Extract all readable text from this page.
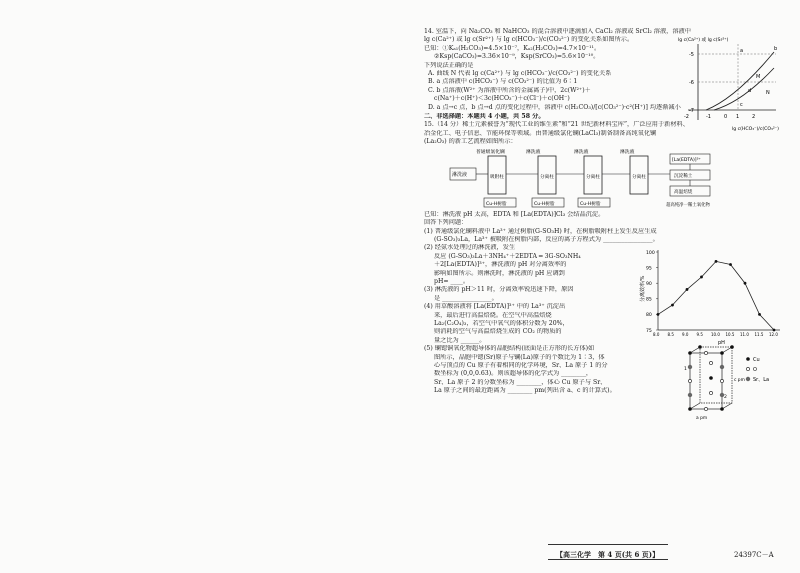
lg c(Ca²⁺) 或 lg c(Sr²⁺)
lg c(HCO₃⁻)/c(CO₃²⁻)
-5
-6
-7
-2	-1	0 1	2
a	b
c
d
M
N
14. 室温下，向 Na₂CO₃ 和 NaHCO₃ 的混合溶液中逐滴加入 CaCl₂ 溶液或 SrCl₂ 溶液，溶液中
lg c(Ca²⁺) 或 lg c(Sr²⁺) 与 lg c(HCO₃⁻)/c(CO₃²⁻) 的变化关系如图所示。
已知：①Kₐ₁(H₂CO₃)=4.5×10⁻⁷，Kₐ₂(H₂CO₃)=4.7×10⁻¹¹。
②Ksp(CaCO₃)=3.36×10⁻⁹，Ksp(SrCO₃)=5.6×10⁻¹⁰。
下列说法正确的是
A. 曲线 N 代表 lg c(Ca²⁺) 与 lg c(HCO₃⁻)/c(CO₃²⁻) 的变化关系
B. a 点溶液中 c(HCO₃⁻) 与 c(CO₃²⁻) 的比值为 6∶1
C. b 点溶液(W²⁺ 为溶液中所含的金属离子)中，2c(W²⁺)＋
c(Na⁺)＋c(H⁺)＜3c(HCO₃⁻)＋c(Cl⁻)＋c(OH⁻)
D. a 点→c 点，b 点→d 点的变化过程中，溶液中 c(H₂CO₃)/[c(CO₃²⁻)·c²(H⁺)] 均逐渐减小
二、非选择题：本题共 4 小题，共 58 分。
15.（14 分）稀土元素被誉为“现代工业的维生素”和“21 世纪新材料宝库”，广泛应用于新材料、
冶金化工、电子信息、节能环保等领域。由普通级氯化镧(LaCl₃)制备制备高纯氧化镧
(La₂O₃) 的新工艺流程如图所示：
淋洗液	吸附柱	分离柱	分离柱	分离柱
普通级氯化镧	淋洗液	淋洗液	淋洗液
Cu-H树脂	Cu-H树脂	Cu-H树脂
[La(EDTA)]³⁺
沉淀稀土
高温焙烧
超高纯净一稀土氧化物
已知：淋洗液 pH 太高，EDTA 和 [La(EDTA)]Cl₃ 会结晶沉淀。
回答下列问题：
(1) 普通级氯化镧料液中 La³⁺ 通过树脂(G-SO₃H) 时，在树脂吸附柱上发生反应生成
(G-SO₃)₃La，La³⁺ 被吸附在树脂内部，反应的离子方程式为 ________________。
(2) 经氨水处理过的淋洗液，发生
反应 (G-SO₃)₃La＋3NH₄⁺＋2EDTA ═ 3G-SO₃NH₄
＋2[La(EDTA)]³⁺，淋洗液的 pH 对分离效率的
影响如图所示。则淋洗时，淋洗液的 pH 应调到
pH= ____。
(3) 淋洗液的 pH＞11 时，分离效率锐迅速下降，原因
是 ________________。
(4) 用草酸溶液将 [La(EDTA)]³⁺ 中的 La³⁺ 沉淀出
来，最后进行高温焙烧。在空气中高温焙烧
La₂(C₂O₄)₃，若空气中氧气的体积分数为 20%，
则消耗的空气与高温焙烧生成的 CO₂ 的物质的
量之比为 ______。
分离效率/%
pH
75
80
85
90
95
100
8.0 8.5 9.0 9.5 10.0 10.5 11.0 11.5 12.0
(5) 镧锶铜氧化物超导体的晶胞结构(底面是正方形的长方体)如
图所示，晶胞中锶(Sr)原子与镧(La)原子的个数比为 1∶3，体
心与顶点的 Cu 原子有着相同的化学环境，Sr、La 原子 1 的分
数坐标为 (0,0,0.63)。则该超导体的化学式为 ________，
Sr、La 原子 2 的分数坐标为 ________，体心 Cu 原子与 Sr、
La 原子之间的最近距离为 ________ pm(列出含 a、c 的计算式)。
1
2
a pm
c pm
Cu
O
Sr、La
【高三化学　第 4 页(共 6 页)】	24397C－A
